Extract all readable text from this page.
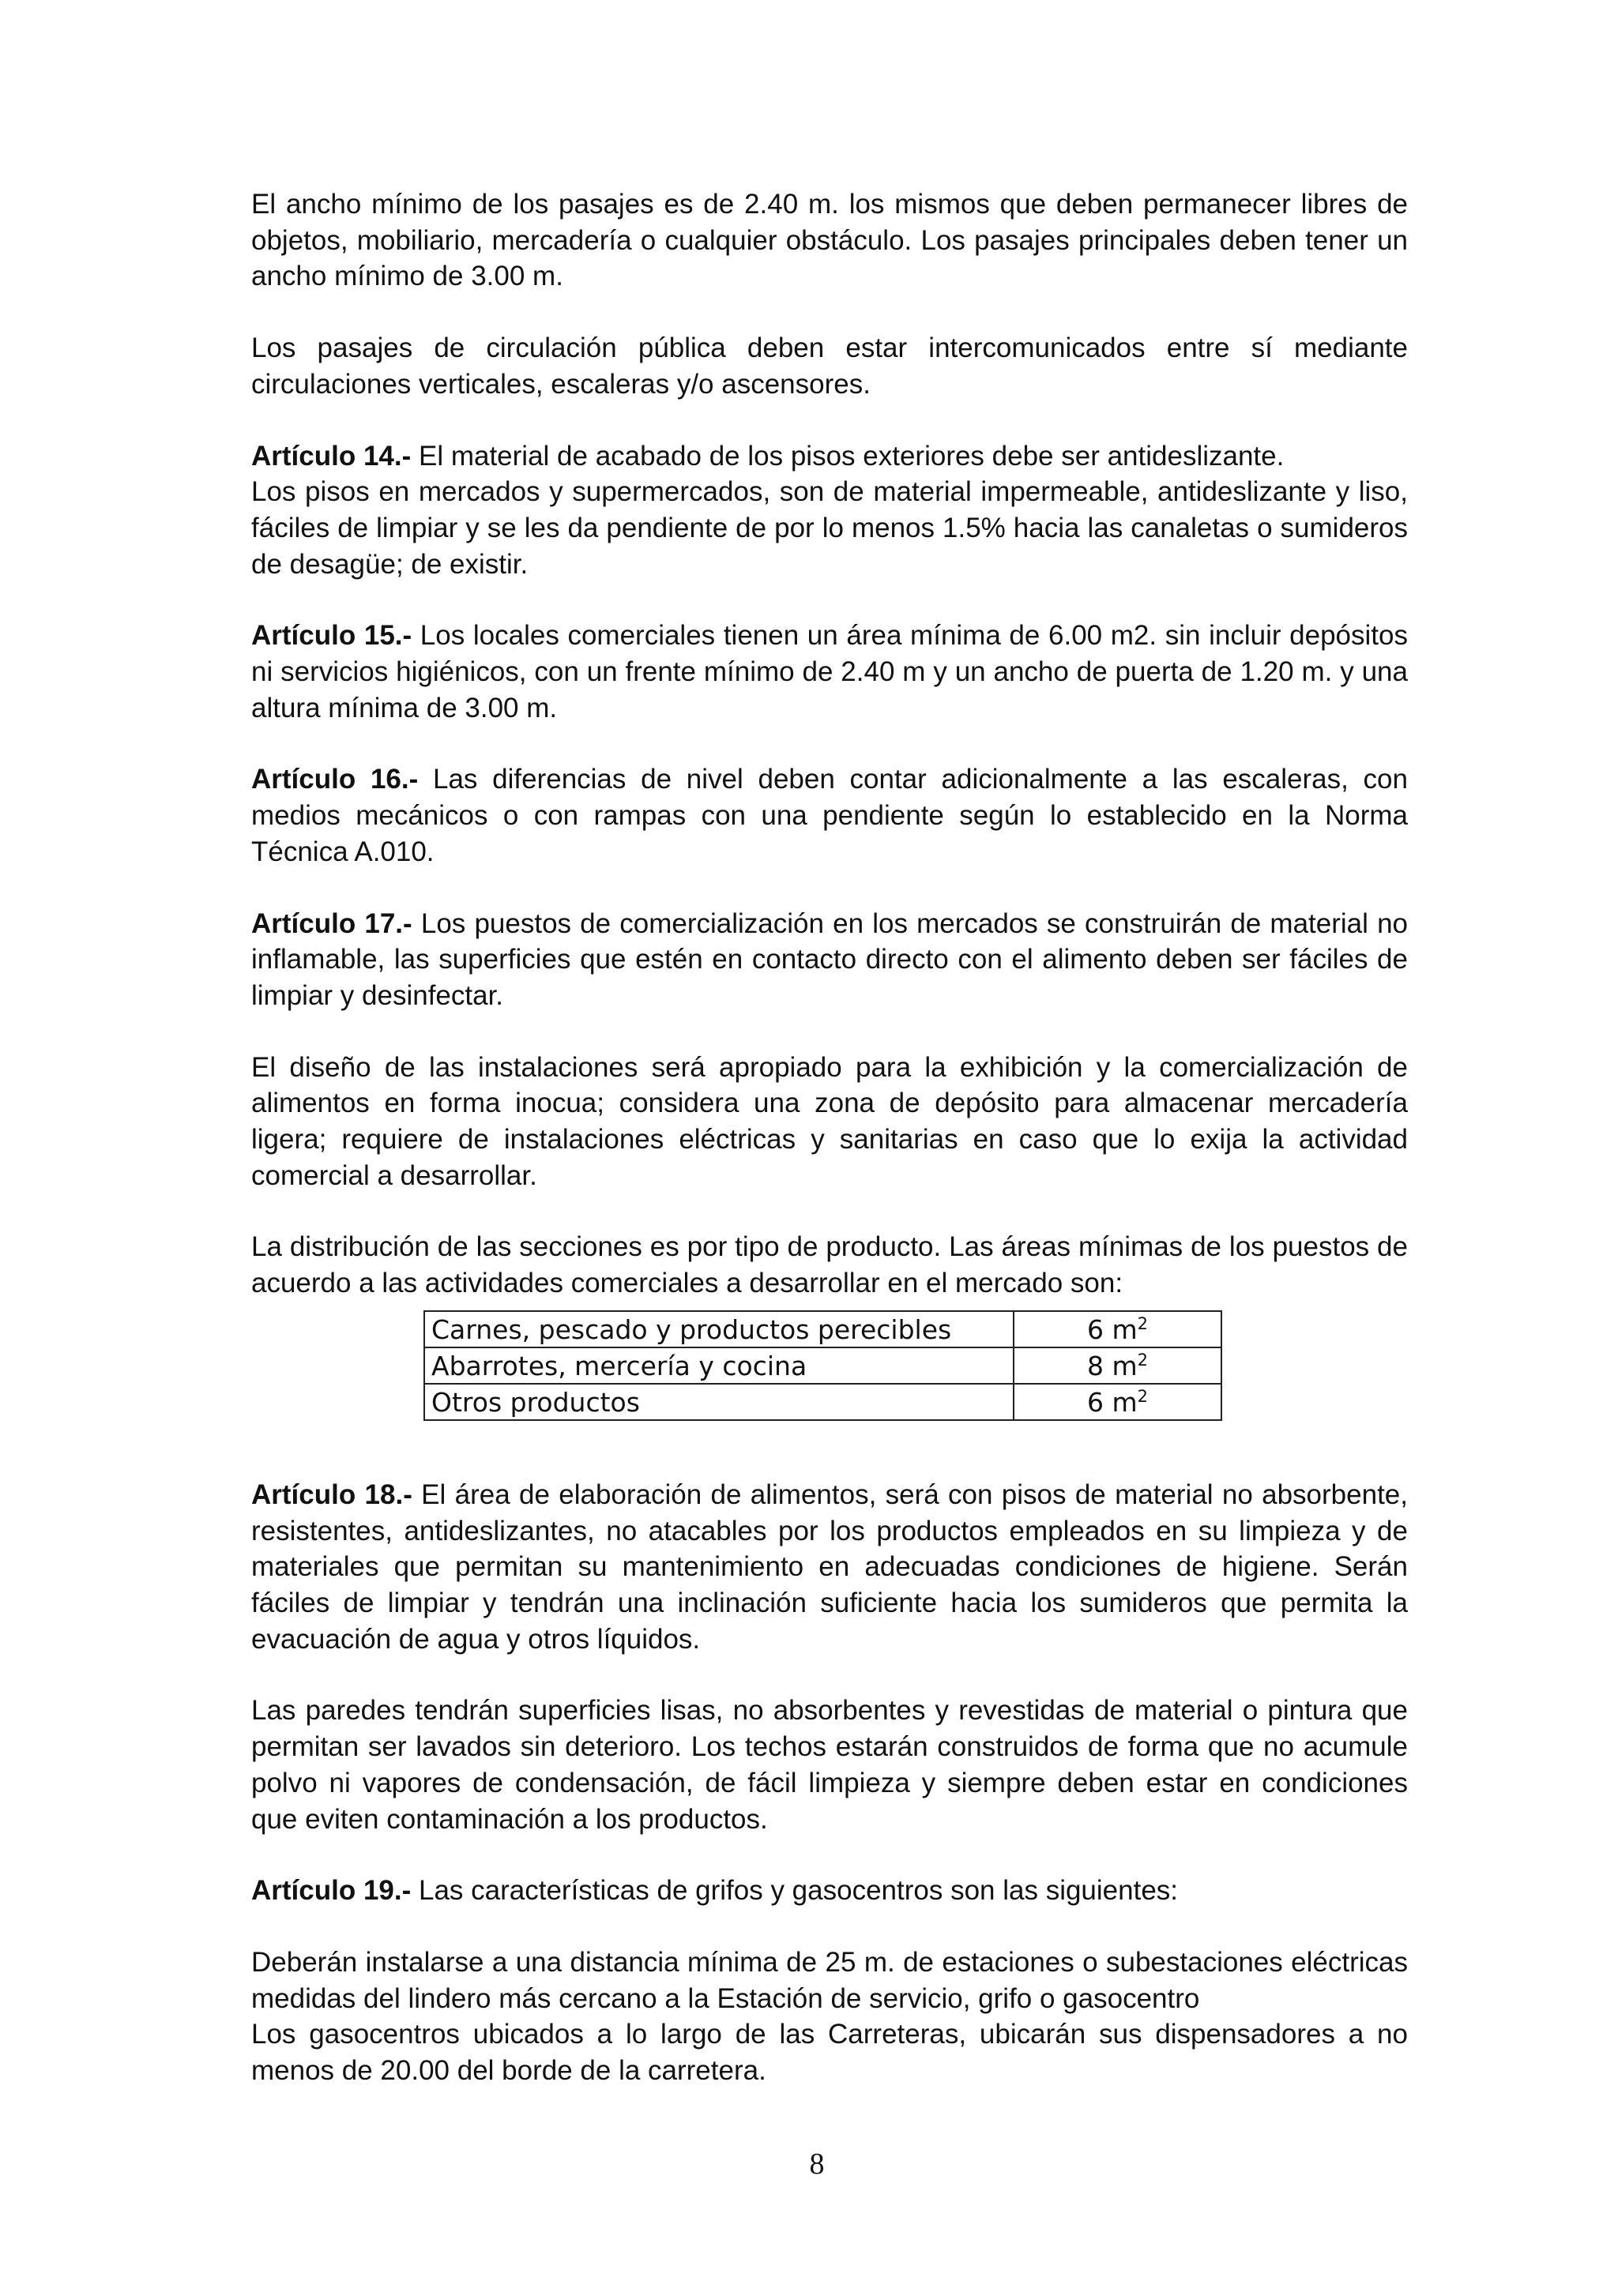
El ancho mínimo de los pasajes es de 2.40 m. los mismos que deben permanecer libres de objetos, mobiliario, mercadería o cualquier obstáculo. Los pasajes principales deben tener un ancho mínimo de 3.00 m.

Los pasajes de circulación pública deben estar intercomunicados entre sí mediante circulaciones verticales, escaleras y/o ascensores.

Artículo 14.- El material de acabado de los pisos exteriores debe ser antideslizante.

Los pisos en mercados y supermercados, son de material impermeable, antideslizante y liso, fáciles de limpiar y se les da pendiente de por lo menos 1.5% hacia las canaletas o sumideros de desagüe; de existir.

Artículo 15.- Los locales comerciales tienen un área mínima de 6.00 m2. sin incluir depósitos ni servicios higiénicos, con un frente mínimo de 2.40 m y un ancho de puerta de 1.20 m. y una altura mínima de 3.00 m.

Artículo 16.- Las diferencias de nivel deben contar adicionalmente a las escaleras, con medios mecánicos o con rampas con una pendiente según lo establecido en la Norma Técnica A.010.

Artículo 17.- Los puestos de comercialización en los mercados se construirán de material no inflamable, las superficies que estén en contacto directo con el alimento deben ser fáciles de limpiar y desinfectar.

El diseño de las instalaciones será apropiado para la exhibición y la comercialización de alimentos en forma inocua; considera una zona de depósito para almacenar mercadería ligera; requiere de instalaciones eléctricas y sanitarias en caso que lo exija la actividad comercial a desarrollar.

La distribución de las secciones es por tipo de producto. Las áreas mínimas de los puestos de acuerdo a las actividades comerciales a desarrollar en el mercado son:

Artículo 18.- El área de elaboración de alimentos, será con pisos de material no absorbente, resistentes, antideslizantes, no atacables por los productos empleados en su limpieza y de materiales que permitan su mantenimiento en adecuadas condiciones de higiene. Serán fáciles de limpiar y tendrán una inclinación suficiente hacia los sumideros que permita la evacuación de agua y otros líquidos.

Las paredes tendrán superficies lisas, no absorbentes y revestidas de material o pintura que permitan ser lavados sin deterioro. Los techos estarán construidos de forma que no acumule polvo ni vapores de condensación, de fácil limpieza y siempre deben estar en condiciones que eviten contaminación a los productos.

Artículo 19.- Las características de grifos y gasocentros son las siguientes:

Deberán instalarse a una distancia mínima de 25 m. de estaciones o subestaciones eléctricas medidas del lindero más cercano a la Estación de servicio, grifo o gasocentro

Los gasocentros ubicados a lo largo de las Carreteras, ubicarán sus dispensadores a no menos de 20.00 del borde de la carretera.

Carnes, pescado y productos perecibles	6 $m^2$
Abarrotes, mercería y cocina	8 $m^2$
Otros productos	6 $m^2$
8
